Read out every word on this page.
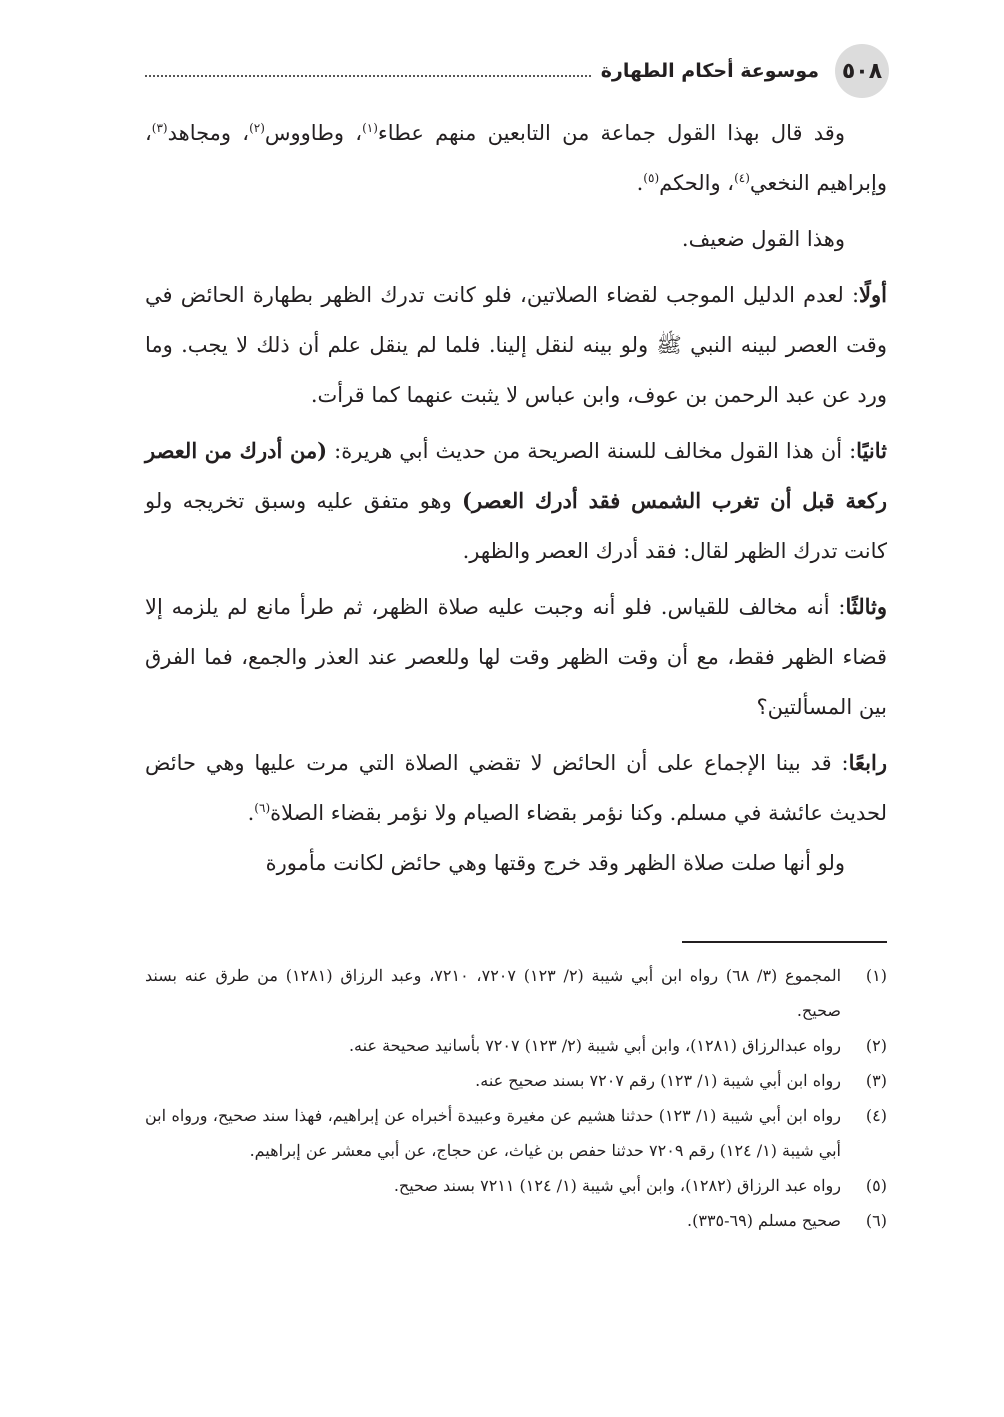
٥٠٨
موسوعة أحكام الطهارة

وقد قال بهذا القول جماعة من التابعين منهم عطاء$^{(١)}$، وطاووس$^{(٢)}$، ومجاهد$^{(٣)}$، وإبراهيم النخعي$^{(٤)}$، والحكم$^{(٥)}$.

وهذا القول ضعيف.

أولًا: لعدم الدليل الموجب لقضاء الصلاتين، فلو كانت تدرك الظهر بطهارة الحائض في وقت العصر لبينه النبي ﷺ ولو بينه لنقل إلينا. فلما لم ينقل علم أن ذلك لا يجب. وما ورد عن عبد الرحمن بن عوف، وابن عباس لا يثبت عنهما كما قرأت.

ثانيًا: أن هذا القول مخالف للسنة الصريحة من حديث أبي هريرة: (من أدرك من العصر ركعة قبل أن تغرب الشمس فقد أدرك العصر) وهو متفق عليه وسبق تخريجه ولو كانت تدرك الظهر لقال: فقد أدرك العصر والظهر.

وثالثًا: أنه مخالف للقياس. فلو أنه وجبت عليه صلاة الظهر، ثم طرأ مانع لم يلزمه إلا قضاء الظهر فقط، مع أن وقت الظهر وقت لها وللعصر عند العذر والجمع، فما الفرق بين المسألتين؟

رابعًا: قد بينا الإجماع على أن الحائض لا تقضي الصلاة التي مرت عليها وهي حائض لحديث عائشة في مسلم. وكنا نؤمر بقضاء الصيام ولا نؤمر بقضاء الصلاة$^{(٦)}$.

ولو أنها صلت صلاة الظهر وقد خرج وقتها وهي حائض لكانت مأمورة

(١)
المجموع (٣/ ٦٨) رواه ابن أبي شيبة (٢/ ١٢٣) ٧٢٠٧، ٧٢١٠، وعبد الرزاق (١٢٨١) من طرق عنه بسند صحيح.
(٢)
رواه عبدالرزاق (١٢٨١)، وابن أبي شيبة (٢/ ١٢٣) ٧٢٠٧ بأسانيد صحيحة عنه.
(٣)
رواه ابن أبي شيبة (١/ ١٢٣) رقم ٧٢٠٧ بسند صحيح عنه.
(٤)
رواه ابن أبي شيبة (١/ ١٢٣) حدثنا هشيم عن مغيرة وعبيدة أخبراه عن إبراهيم، فهذا سند صحيح، ورواه ابن أبي شيبة (١/ ١٢٤) رقم ٧٢٠٩ حدثنا حفص بن غياث، عن حجاج، عن أبي معشر عن إبراهيم.
(٥)
رواه عبد الرزاق (١٢٨٢)، وابن أبي شيبة (١/ ١٢٤) ٧٢١١ بسند صحيح.
(٦)
صحيح مسلم (٦٩-٣٣٥).
